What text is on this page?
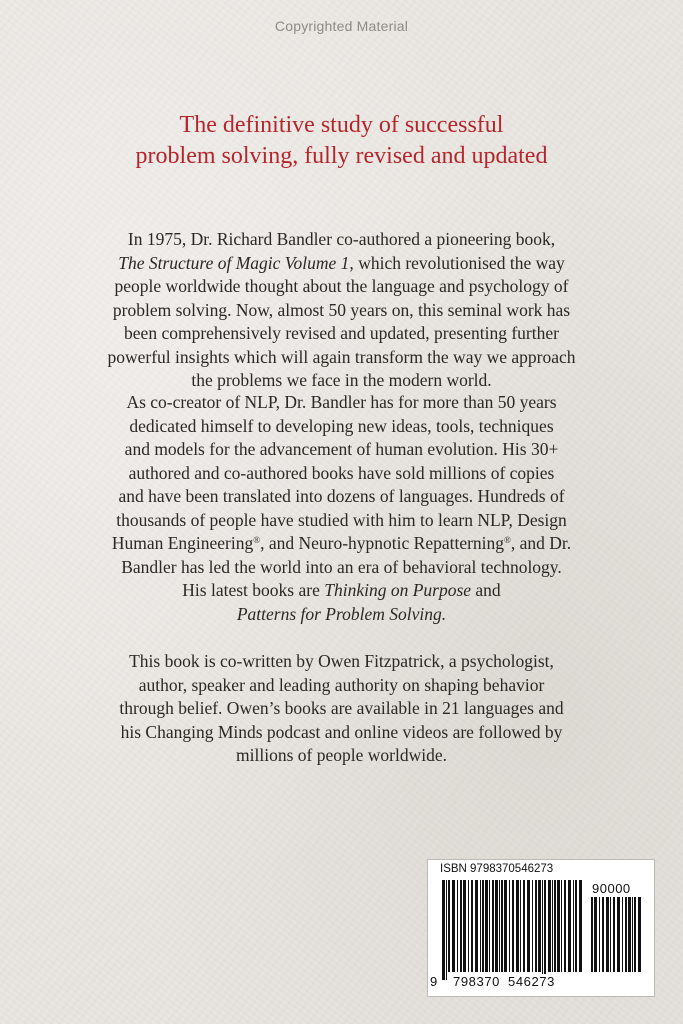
Copyrighted Material
The definitive study of successful
problem solving, fully revised and updated
In 1975, Dr. Richard Bandler co-authored a pioneering book,
The Structure of Magic Volume 1, which revolutionised the way
people worldwide thought about the language and psychology of
problem solving. Now, almost 50 years on, this seminal work has
been comprehensively revised and updated, presenting further
powerful insights which will again transform the way we approach
the problems we face in the modern world.
As co-creator of NLP, Dr. Bandler has for more than 50 years
dedicated himself to developing new ideas, tools, techniques
and models for the advancement of human evolution. His 30+
authored and co-authored books have sold millions of copies
and have been translated into dozens of languages. Hundreds of
thousands of people have studied with him to learn NLP, Design
Human Engineering®, and Neuro-hypnotic Repatterning®, and Dr.
Bandler has led the world into an era of behavioral technology.
His latest books are Thinking on Purpose and
Patterns for Problem Solving.
This book is co-written by Owen Fitzpatrick, a psychologist,
author, speaker and leading authority on shaping behavior
through belief. Owen’s books are available in 21 languages and
his Changing Minds podcast and online videos are followed by
millions of people worldwide.
ISBN 9798370546273
90000
9 798370 546273
